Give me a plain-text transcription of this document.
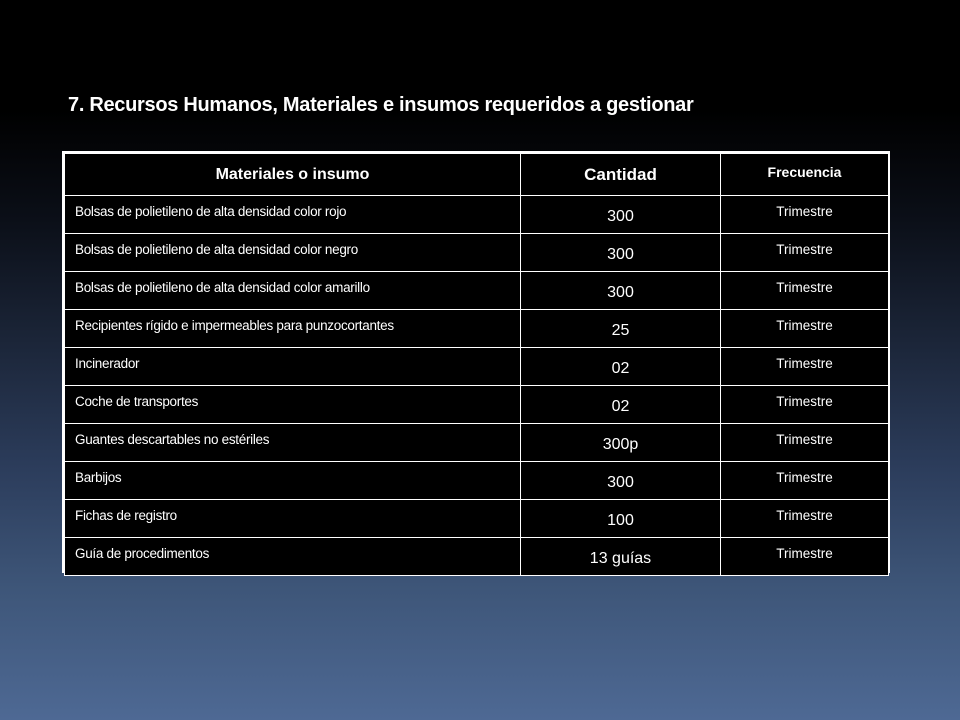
7. Recursos Humanos, Materiales e insumos requeridos a gestionar
Materiales o insumo	Cantidad	Frecuencia
Bolsas de polietileno de alta densidad color rojo	300	Trimestre
Bolsas de polietileno de alta densidad color negro	300	Trimestre
Bolsas de polietileno de alta densidad color amarillo	300	Trimestre
Recipientes rígido e impermeables para punzocortantes	25	Trimestre
Incinerador	02	Trimestre
Coche de transportes	02	Trimestre
Guantes descartables no estériles	300p	Trimestre
Barbijos	300	Trimestre
Fichas de registro	100	Trimestre
Guía de procedimentos	13 guías	Trimestre
